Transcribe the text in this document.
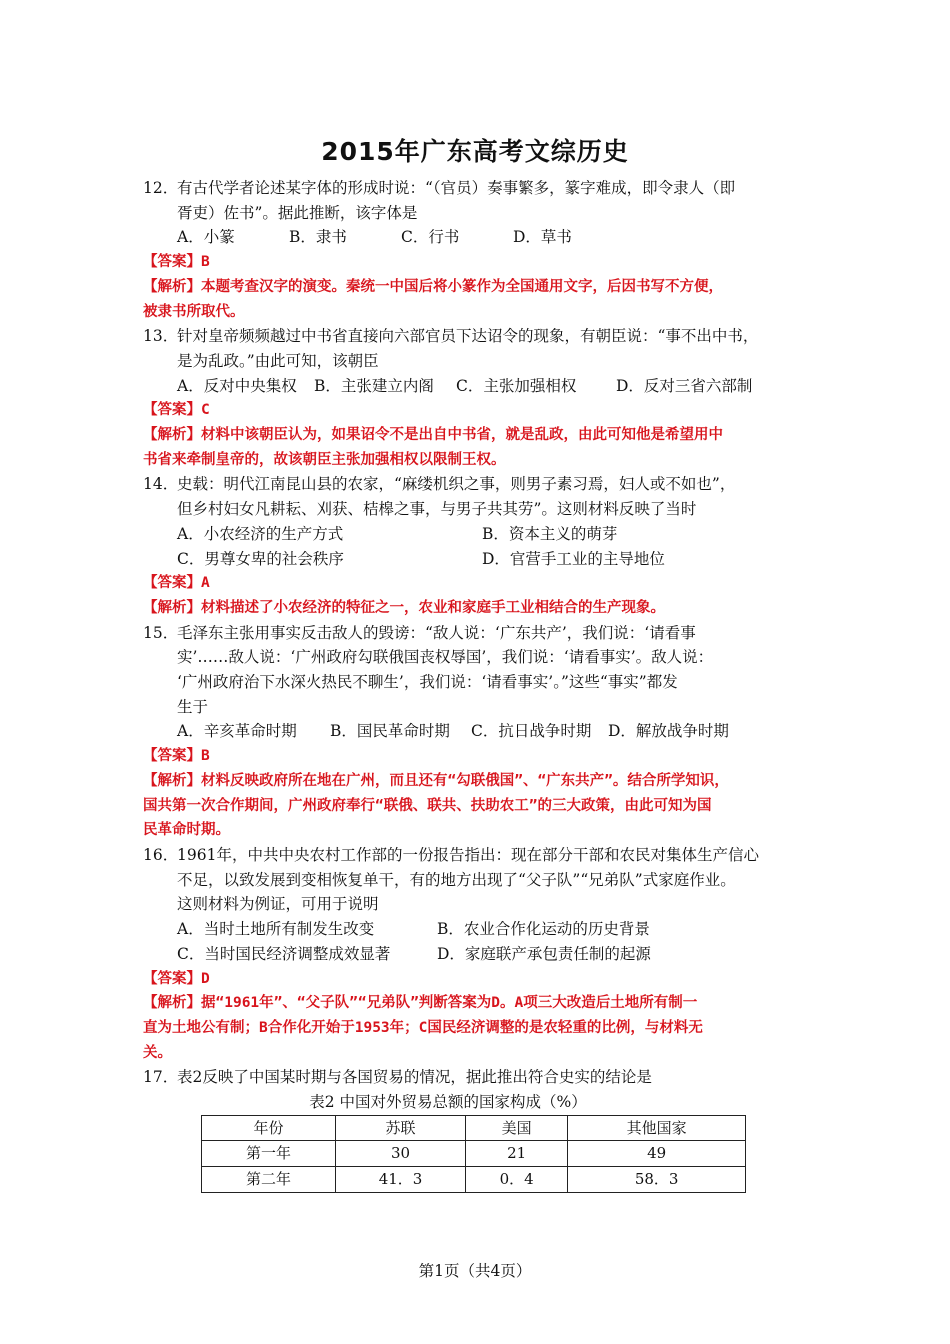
2015年广东高考文综历史
12．有古代学者论述某字体的形成时说：“（官员）奏事繁多，篆字难成，即令隶人（即
胥吏）佐书”。据此推断，该字体是
A．小篆	B．隶书	C．行书	D．草书
【答案】B
【解析】本题考查汉字的演变。秦统一中国后将小篆作为全国通用文字，后因书写不方便，
被隶书所取代。
13．针对皇帝频频越过中书省直接向六部官员下达诏令的现象，有朝臣说：“事不出中书，
是为乱政。”由此可知，该朝臣
A．反对中央集权 B．主张建立内阁 C．主张加强相权	D．反对三省六部制
【答案】C
【解析】材料中该朝臣认为，如果诏令不是出自中书省，就是乱政，由此可知他是希望用中
书省来牵制皇帝的，故该朝臣主张加强相权以限制王权。
14．史载：明代江南昆山县的农家，“麻缕机织之事，则男子素习焉，妇人或不如也”，
但乡村妇女凡耕耘、刈获、桔槔之事，与男子共其劳”。这则材料反映了当时
A．小农经济的生产方式	B．资本主义的萌芽
C．男尊女卑的社会秩序	D．官营手工业的主导地位
【答案】A
【解析】材料描述了小农经济的特征之一，农业和家庭手工业相结合的生产现象。
15．毛泽东主张用事实反击敌人的毁谤：“敌人说：‘广东共产’，我们说：‘请看事
实’……敌人说：‘广州政府勾联俄国丧权辱国’，我们说：‘请看事实’。敌人说：
‘广州政府治下水深火热民不聊生’，我们说：‘请看事实’。”这些“事实”都发
生于
A．辛亥革命时期 B．国民革命时期 C．抗日战争时期 D．解放战争时期
【答案】B
【解析】材料反映政府所在地在广州，而且还有“勾联俄国”、“广东共产”。结合所学知识，
国共第一次合作期间，广州政府奉行“联俄、联共、扶助农工”的三大政策，由此可知为国
民革命时期。
16．1961年，中共中央农村工作部的一份报告指出：现在部分干部和农民对集体生产信心
不足，以致发展到变相恢复单干，有的地方出现了“父子队”“兄弟队”式家庭作业。
这则材料为例证，可用于说明
A．当时土地所有制发生改变	B．农业合作化运动的历史背景
C．当时国民经济调整成效显著	D．家庭联产承包责任制的起源
【答案】D
【解析】据“1961年”、“父子队”“兄弟队”判断答案为D。A项三大改造后土地所有制一
直为土地公有制；B合作化开始于1953年；C国民经济调整的是农轻重的比例，与材料无
关。
17．表2反映了中国某时期与各国贸易的情况，据此推出符合史实的结论是
表2 中国对外贸易总额的国家构成（%）
年份	苏联	美国	其他国家
第一年	30	21	49
第二年	41．3	0．4	58．3
第1页（共4页）
